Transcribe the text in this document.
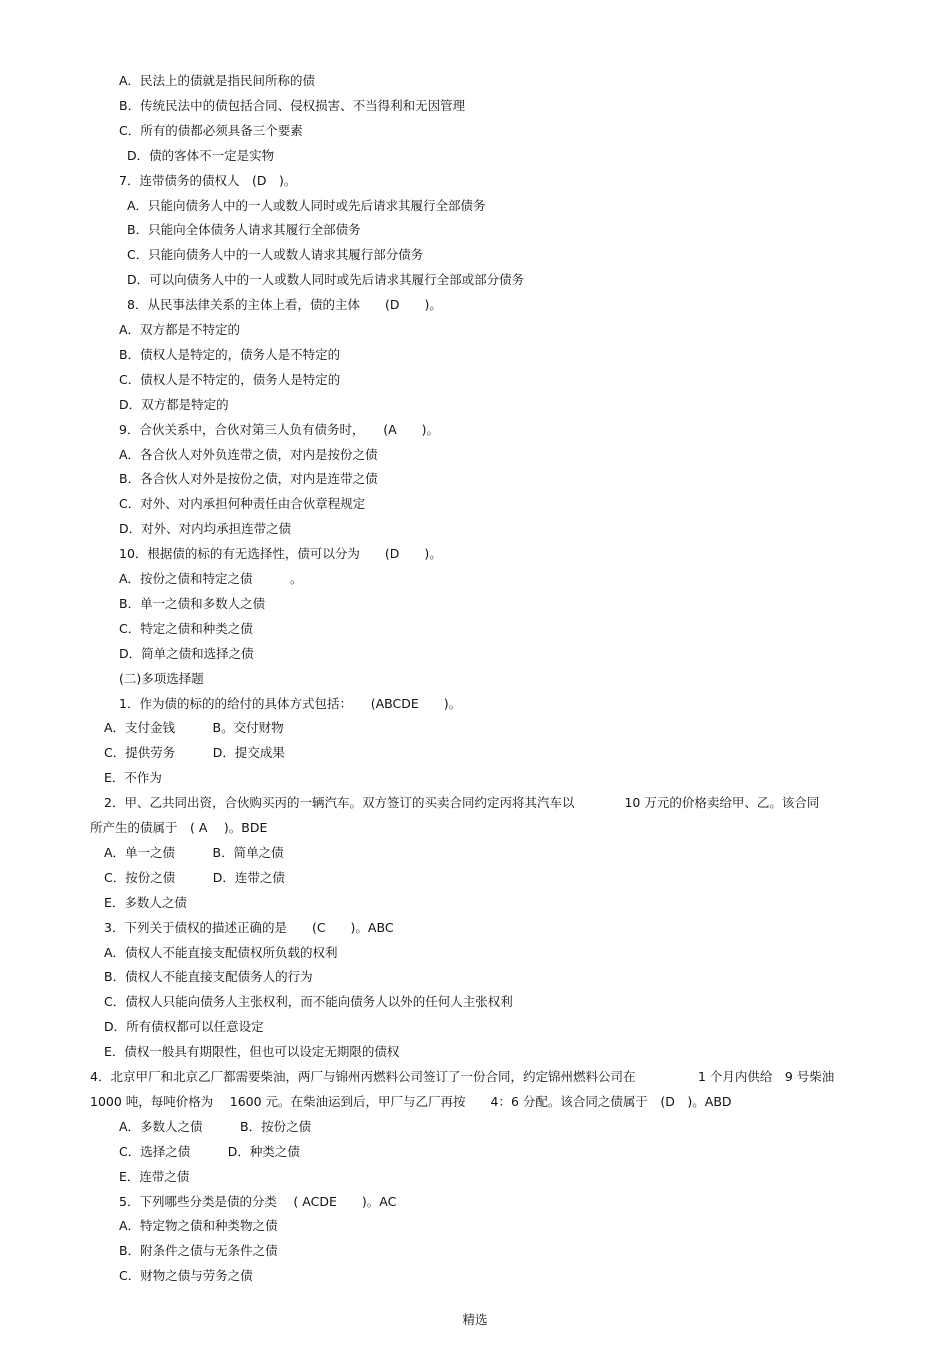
A．民法上的债就是指民间所称的债
B．传统民法中的债包括合同、侵权损害、不当得利和无因管理
C．所有的债都必须具备三个要素
D．债的客体不一定是实物
7．连带债务的债权人　(D　)。
A．只能向债务人中的一人或数人同时或先后请求其履行全部债务
B．只能向全体债务人请求其履行全部债务
C．只能向债务人中的一人或数人请求其履行部分债务
D．可以向债务人中的一人或数人同时或先后请求其履行全部或部分债务
8．从民事法律关系的主体上看，债的主体　　(D　　)。
A．双方都是不特定的
B．债权人是特定的，债务人是不特定的
C．债权人是不特定的，债务人是特定的
D．双方都是特定的
9．合伙关系中，合伙对第三人负有债务时，　　(A　　)。
A．各合伙人对外负连带之债，对内是按份之债
B．各合伙人对外是按份之债，对内是连带之债
C．对外、对内承担何种责任由合伙章程规定
D．对外、对内均承担连带之债
10．根据债的标的有无选择性，债可以分为　　(D　　)。
A．按份之债和特定之债　　　。
B．单一之债和多数人之债
C．特定之债和种类之债
D．简单之债和选择之债
(二)多项选择题
1．作为债的标的的给付的具体方式包括：　　(ABCDE　　)。
A．支付金钱　　　B。交付财物
C．提供劳务　　　D．提交成果
E．不作为
2．甲、乙共同出资，合伙购买丙的一辆汽车。双方签订的买卖合同约定丙将其汽车以　　　　10 万元的价格卖给甲、乙。该合同
所产生的债属于　( A　 )。BDE
A．单一之债　　　B．简单之债
C．按份之债　　　D．连带之债
E．多数人之债
3．下列关于债权的描述正确的是　　(C　　)。ABC
A．债权人不能直接支配债权所负载的权利
B．债权人不能直接支配债务人的行为
C．债权人只能向债务人主张权利，而不能向债务人以外的任何人主张权利
D．所有债权都可以任意设定
E．债权一般具有期限性，但也可以设定无期限的债权
4．北京甲厂和北京乙厂都需要柴油，两厂与锦州丙燃料公司签订了一份合同，约定锦州燃料公司在　　　　　1 个月内供给　9 号柴油
1000 吨，每吨价格为　 1600 元。在柴油运到后，甲厂与乙厂再按　　4：6 分配。该合同之债属于　(D　)。ABD
A．多数人之债　　　B．按份之债
C．选择之债　　　D．种类之债
E．连带之债
5．下列哪些分类是债的分类　 ( ACDE　　)。AC
A．特定物之债和种类物之债
B．附条件之债与无条件之债
C．财物之债与劳务之债
精选
